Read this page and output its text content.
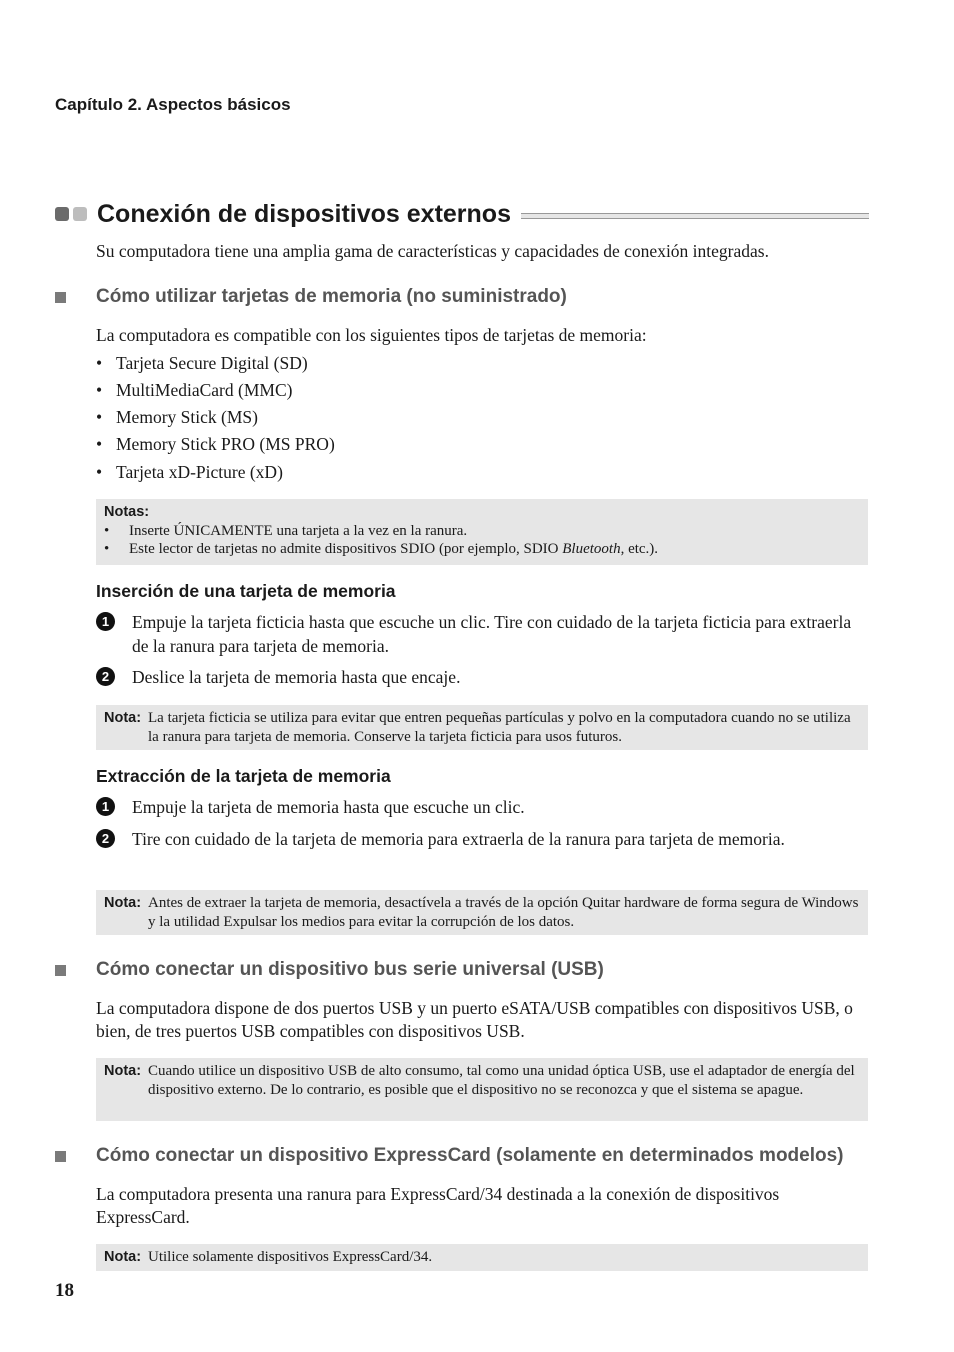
Capítulo 2. Aspectos básicos
Conexión de dispositivos externos
Su computadora tiene una amplia gama de características y capacidades de conexión integradas.
Cómo utilizar tarjetas de memoria (no suministrado)
La computadora es compatible con los siguientes tipos de tarjetas de memoria:
• Tarjeta Secure Digital (SD)
• MultiMediaCard (MMC)
• Memory Stick (MS)
• Memory Stick PRO (MS PRO)
• Tarjeta xD-Picture (xD)
Notas:
•	Inserte ÚNICAMENTE una tarjeta a la vez en la ranura.
•	Este lector de tarjetas no admite dispositivos SDIO (por ejemplo, SDIO Bluetooth, etc.).
Inserción de una tarjeta de memoria
1	Empuje la tarjeta ficticia hasta que escuche un clic. Tire con cuidado de la tarjeta ficticia para extraerla de la ranura para tarjeta de memoria.
2	Deslice la tarjeta de memoria hasta que encaje.
Nota: La tarjeta ficticia se utiliza para evitar que entren pequeñas partículas y polvo en la computadora cuando no se utiliza la ranura para tarjeta de memoria. Conserve la tarjeta ficticia para usos futuros.
Extracción de la tarjeta de memoria
1	Empuje la tarjeta de memoria hasta que escuche un clic.
2	Tire con cuidado de la tarjeta de memoria para extraerla de la ranura para tarjeta de memoria.
Nota: Antes de extraer la tarjeta de memoria, desactívela a través de la opción Quitar hardware de forma segura de Windows y la utilidad Expulsar los medios para evitar la corrupción de los datos.
Cómo conectar un dispositivo bus serie universal (USB)
La computadora dispone de dos puertos USB y un puerto eSATA/USB compatibles con dispositivos USB, o bien, de tres puertos USB compatibles con dispositivos USB.
Nota: Cuando utilice un dispositivo USB de alto consumo, tal como una unidad óptica USB, use el adaptador de energía del dispositivo externo. De lo contrario, es posible que el dispositivo no se reconozca y que el sistema se apague.
Cómo conectar un dispositivo ExpressCard (solamente en determinados modelos)
La computadora presenta una ranura para ExpressCard/34 destinada a la conexión de dispositivos ExpressCard.
Nota: Utilice solamente dispositivos ExpressCard/34.
18
